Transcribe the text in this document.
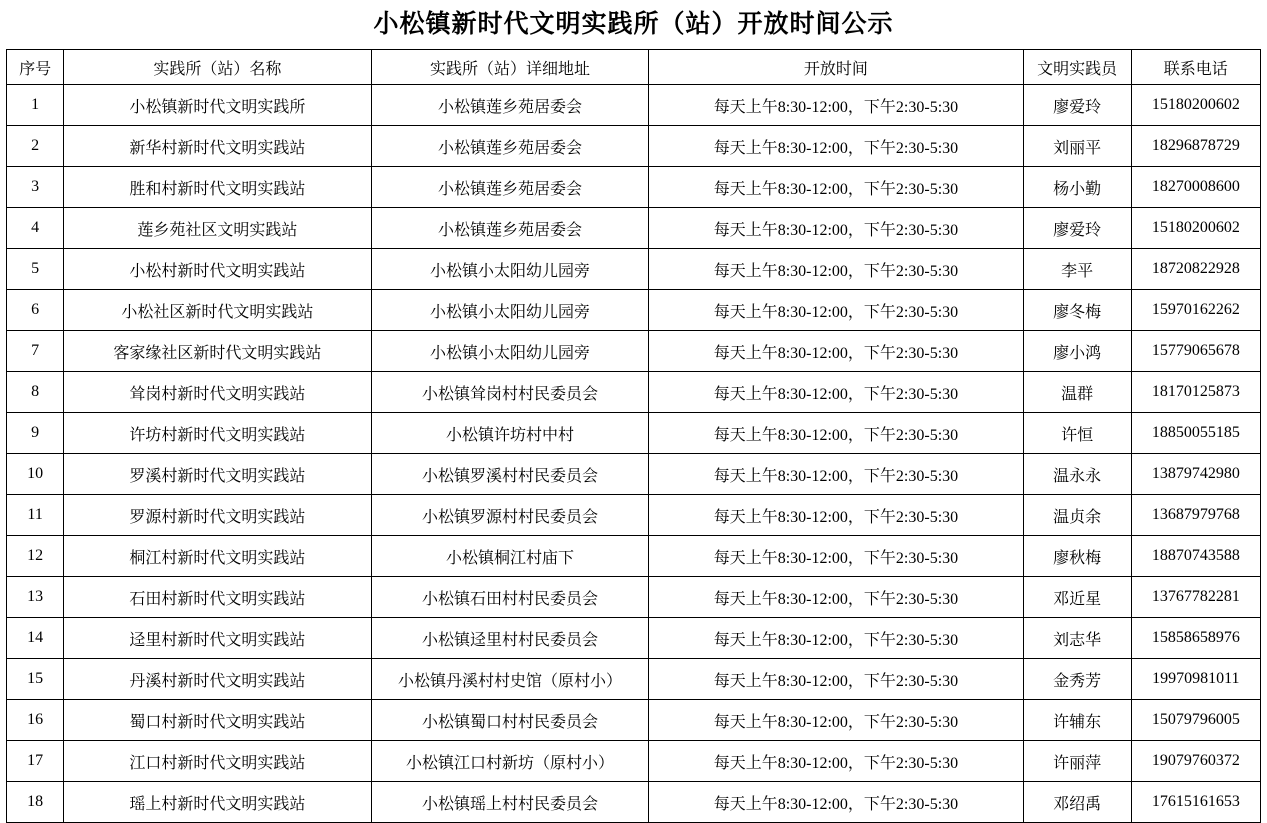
小松镇新时代文明实践所（站）开放时间公示
序号	实践所（站）名称	实践所（站）详细地址	开放时间	文明实践员	联系电话
1	小松镇新时代文明实践所	小松镇莲乡苑居委会	每天上午8:30-12:00，下午2:30-5:30	廖爱玲	15180200602
2	新华村新时代文明实践站	小松镇莲乡苑居委会	每天上午8:30-12:00，下午2:30-5:30	刘丽平	18296878729
3	胜和村新时代文明实践站	小松镇莲乡苑居委会	每天上午8:30-12:00，下午2:30-5:30	杨小勤	18270008600
4	莲乡苑社区文明实践站	小松镇莲乡苑居委会	每天上午8:30-12:00，下午2:30-5:30	廖爱玲	15180200602
5	小松村新时代文明实践站	小松镇小太阳幼儿园旁	每天上午8:30-12:00，下午2:30-5:30	李平	18720822928
6	小松社区新时代文明实践站	小松镇小太阳幼儿园旁	每天上午8:30-12:00，下午2:30-5:30	廖冬梅	15970162262
7	客家缘社区新时代文明实践站	小松镇小太阳幼儿园旁	每天上午8:30-12:00，下午2:30-5:30	廖小鸿	15779065678
8	耸岗村新时代文明实践站	小松镇耸岗村村民委员会	每天上午8:30-12:00，下午2:30-5:30	温群	18170125873
9	许坊村新时代文明实践站	小松镇许坊村中村	每天上午8:30-12:00，下午2:30-5:30	许恒	18850055185
10	罗溪村新时代文明实践站	小松镇罗溪村村民委员会	每天上午8:30-12:00，下午2:30-5:30	温永永	13879742980
11	罗源村新时代文明实践站	小松镇罗源村村民委员会	每天上午8:30-12:00，下午2:30-5:30	温贞余	13687979768
12	桐江村新时代文明实践站	小松镇桐江村庙下	每天上午8:30-12:00，下午2:30-5:30	廖秋梅	18870743588
13	石田村新时代文明实践站	小松镇石田村村民委员会	每天上午8:30-12:00，下午2:30-5:30	邓近星	13767782281
14	迳里村新时代文明实践站	小松镇迳里村村民委员会	每天上午8:30-12:00，下午2:30-5:30	刘志华	15858658976
15	丹溪村新时代文明实践站	小松镇丹溪村村史馆（原村小）	每天上午8:30-12:00，下午2:30-5:30	金秀芳	19970981011
16	蜀口村新时代文明实践站	小松镇蜀口村村民委员会	每天上午8:30-12:00，下午2:30-5:30	许辅东	15079796005
17	江口村新时代文明实践站	小松镇江口村新坊（原村小）	每天上午8:30-12:00，下午2:30-5:30	许丽萍	19079760372
18	瑶上村新时代文明实践站	小松镇瑶上村村民委员会	每天上午8:30-12:00，下午2:30-5:30	邓绍禹	17615161653
